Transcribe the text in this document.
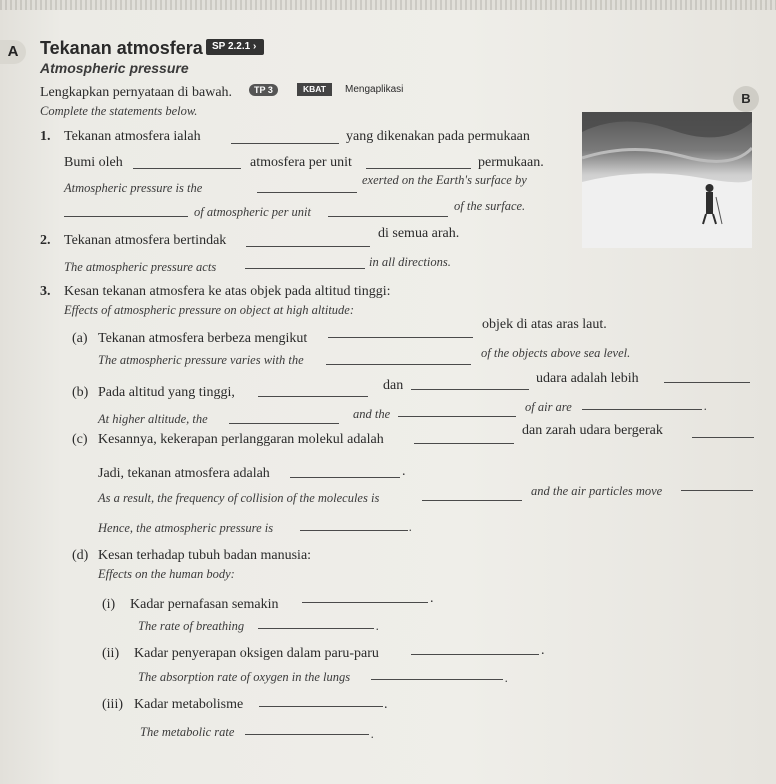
A	Tekanan atmosfera SP 2.2.1 ›
Atmospheric pressure
Lengkapkan pernyataan di bawah.	TP 3	KBAT	Mengaplikasi
Complete the statements below.
B
1. Tekanan atmosfera ialah	yang dikenakan pada permukaan
Bumi oleh	atmosfera per unit	permukaan.
Atmospheric pressure is the
exerted on the Earth's surface by
of atmospheric per unit	of the surface.
2. Tekanan atmosfera bertindak	di semua arah.
The atmospheric pressure acts	in all directions.
3. Kesan tekanan atmosfera ke atas objek pada altitud tinggi:
Effects of atmospheric pressure on object at high altitude:
(a) Tekanan atmosfera berbeza mengikut
objek di atas aras laut.
The atmospheric pressure varies with the	of the objects above sea level.
(b) Pada altitud yang tinggi,	dan	udara adalah lebih
At higher altitude, the	and the	of air are	.
(c) Kesannya, kekerapan perlanggaran molekul adalah
dan zarah udara bergerak
Jadi, tekanan atmosfera adalah	.
As a result, the frequency of collision of the molecules is	and the air particles move
Hence, the atmospheric pressure is	.
(d) Kesan terhadap tubuh badan manusia:
Effects on the human body:
(i) Kadar pernafasan semakin	.
The rate of breathing	.
(ii) Kadar penyerapan oksigen dalam paru-paru	.
The absorption rate of oxygen in the lungs	.
(iii) Kadar metabolisme	.
The metabolic rate	.
